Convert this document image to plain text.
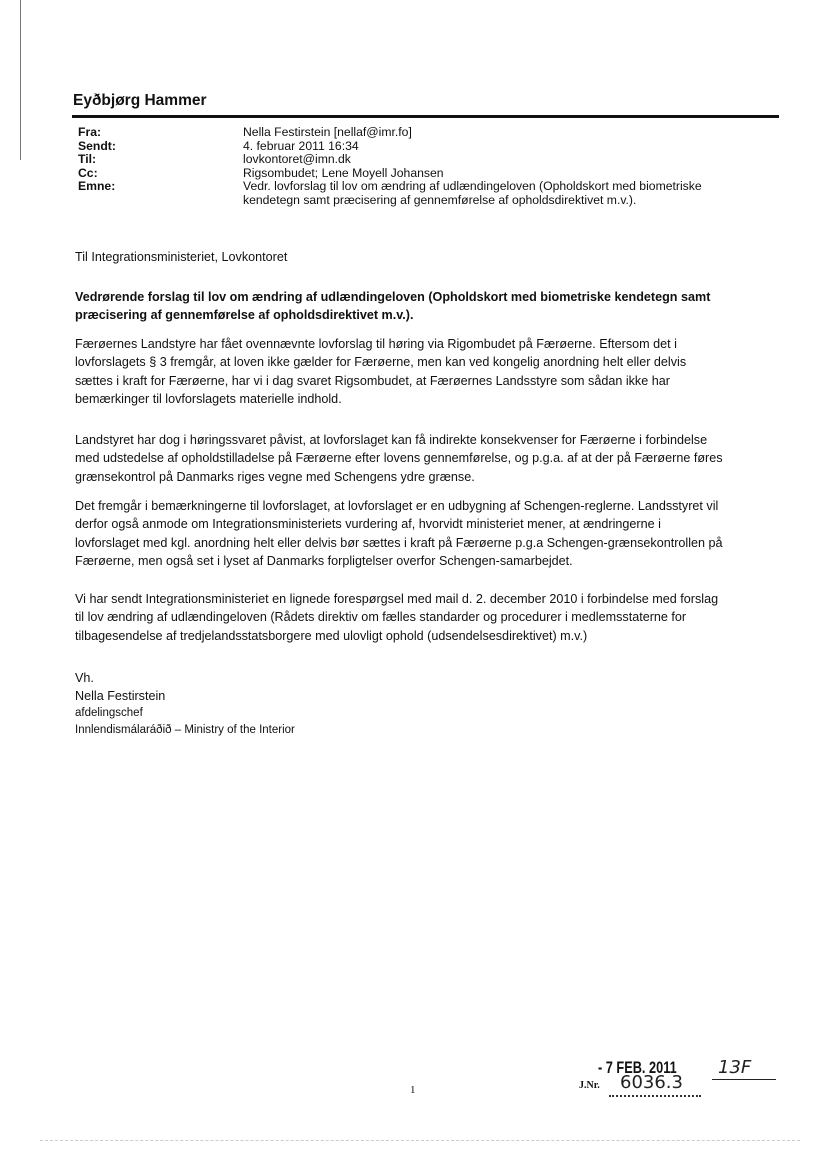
Eyðbjørg Hammer
Fra:	Nella Festirstein [nellaf@imr.fo]
Sendt:	4. februar 2011 16:34
Til:	lovkontoret@imn.dk
Cc:	Rigsombudet; Lene Moyell Johansen
Emne:	Vedr. lovforslag til lov om ændring af udlændingeloven (Opholdskort med biometriske
kendetegn samt præcisering af gennemførelse af opholdsdirektivet m.v.).
Til Integrationsministeriet, Lovkontoret
Vedrørende forslag til lov om ændring af udlændingeloven (Opholdskort med biometriske kendetegn samt
præcisering af gennemførelse af opholdsdirektivet m.v.).
Færøernes Landstyre har fået ovennævnte lovforslag til høring via Rigombudet på Færøerne. Eftersom det i
lovforslagets § 3 fremgår, at loven ikke gælder for Færøerne, men kan ved kongelig anordning helt eller delvis
sættes i kraft for Færøerne, har vi i dag svaret Rigsombudet, at Færøernes Landsstyre som sådan ikke har
bemærkinger til lovforslagets materielle indhold.
Landstyret har dog i høringssvaret påvist, at lovforslaget kan få indirekte konsekvenser for Færøerne i forbindelse
med udstedelse af opholdstilladelse på Færøerne efter lovens gennemførelse, og p.g.a. af at der på Færøerne føres
grænsekontrol på Danmarks riges vegne med Schengens ydre grænse.
Det fremgår i bemærkningerne til lovforslaget, at lovforslaget er en udbygning af Schengen-reglerne. Landsstyret vil
derfor også anmode om Integrationsministeriets vurdering af, hvorvidt ministeriet mener, at ændringerne i
lovforslaget med kgl. anordning helt eller delvis bør sættes i kraft på Færøerne p.g.a Schengen-grænsekontrollen på
Færøerne, men også set i lyset af Danmarks forpligtelser overfor Schengen-samarbejdet.
Vi har sendt Integrationsministeriet en lignede forespørgsel med mail d. 2. december 2010 i forbindelse med forslag
til lov ændring af udlændingeloven (Rådets direktiv om fælles standarder og procedurer i medlemsstaterne for
tilbagesendelse af tredjelandsstatsborgere med ulovligt ophold (udsendelsesdirektivet) m.v.)
Vh.
Nella Festirstein
afdelingschef
Innlendismálaráðið – Ministry of the Interior
1
- 7 FEB. 2011 13F
J.Nr. 6036.3
